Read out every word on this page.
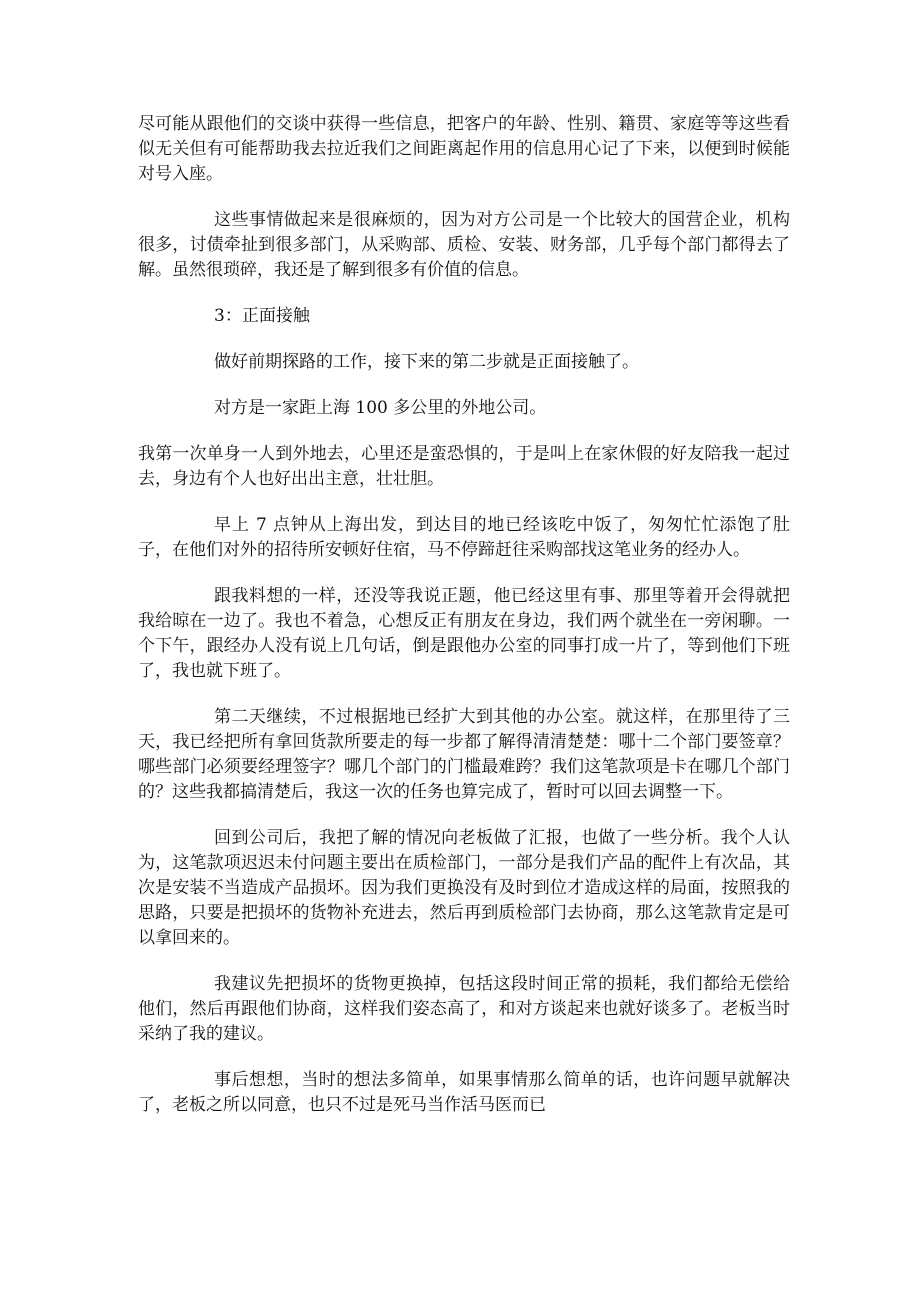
尽可能从跟他们的交谈中获得一些信息，把客户的年龄、性别、籍贯、家庭等等这些看似无关但有可能帮助我去拉近我们之间距离起作用的信息用心记了下来，以便到时候能对号入座。

这些事情做起来是很麻烦的，因为对方公司是一个比较大的国营企业，机构很多，讨债牵扯到很多部门，从采购部、质检、安装、财务部，几乎每个部门都得去了解。虽然很琐碎，我还是了解到很多有价值的信息。

3：正面接触

做好前期探路的工作，接下来的第二步就是正面接触了。

对方是一家距上海 100 多公里的外地公司。

我第一次单身一人到外地去，心里还是蛮恐惧的，于是叫上在家休假的好友陪我一起过去，身边有个人也好出出主意，壮壮胆。

早上 7 点钟从上海出发，到达目的地已经该吃中饭了，匆匆忙忙添饱了肚子，在他们对外的招待所安顿好住宿，马不停蹄赶往采购部找这笔业务的经办人。

跟我料想的一样，还没等我说正题，他已经这里有事、那里等着开会得就把我给晾在一边了。我也不着急，心想反正有朋友在身边，我们两个就坐在一旁闲聊。一个下午，跟经办人没有说上几句话，倒是跟他办公室的同事打成一片了，等到他们下班了，我也就下班了。

第二天继续，不过根据地已经扩大到其他的办公室。就这样，在那里待了三天，我已经把所有拿回货款所要走的每一步都了解得清清楚楚：哪十二个部门要签章？哪些部门必须要经理签字？哪几个部门的门槛最难跨？我们这笔款项是卡在哪几个部门的？这些我都搞清楚后，我这一次的任务也算完成了，暂时可以回去调整一下。

回到公司后，我把了解的情况向老板做了汇报，也做了一些分析。我个人认为，这笔款项迟迟未付问题主要出在质检部门，一部分是我们产品的配件上有次品，其次是安装不当造成产品损坏。因为我们更换没有及时到位才造成这样的局面，按照我的思路，只要是把损坏的货物补充进去，然后再到质检部门去协商，那么这笔款肯定是可以拿回来的。

我建议先把损坏的货物更换掉，包括这段时间正常的损耗，我们都给无偿给他们，然后再跟他们协商，这样我们姿态高了，和对方谈起来也就好谈多了。老板当时采纳了我的建议。

事后想想，当时的想法多简单，如果事情那么简单的话，也许问题早就解决了，老板之所以同意，也只不过是死马当作活马医而已
